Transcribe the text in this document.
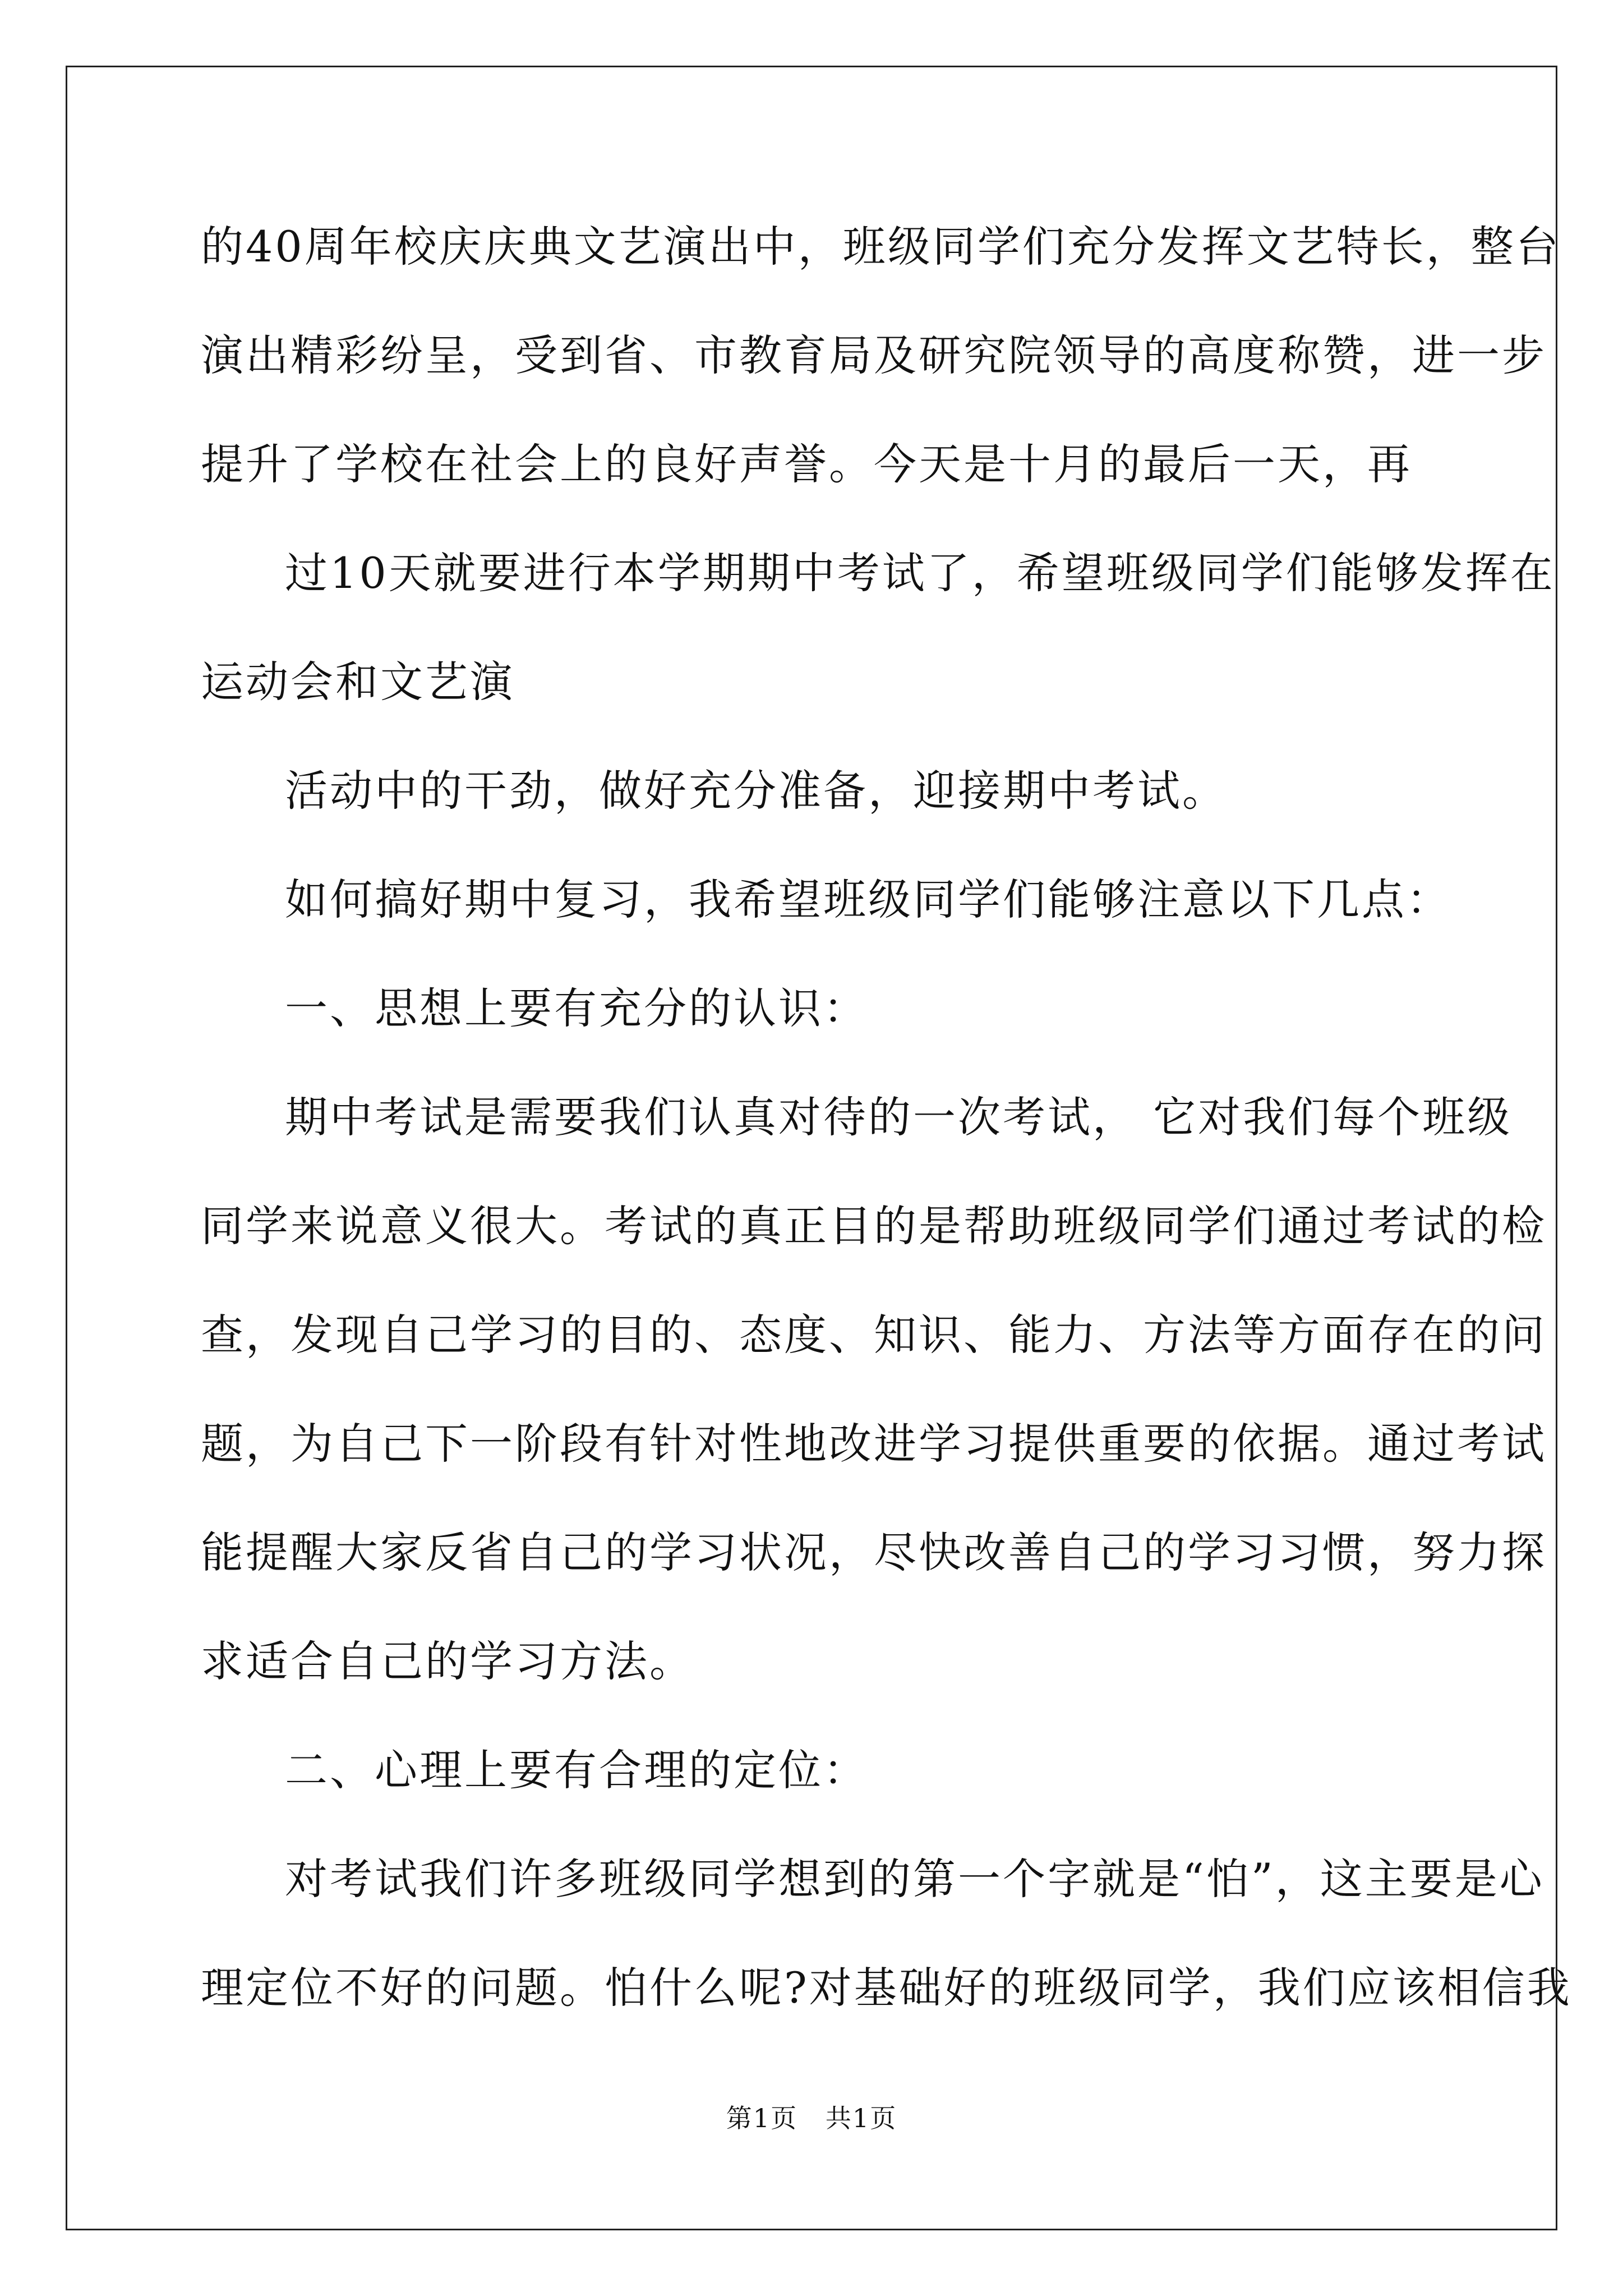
的40周年校庆庆典文艺演出中，班级同学们充分发挥文艺特长，整台
演出精彩纷呈，受到省、市教育局及研究院领导的高度称赞，进一步
提升了学校在社会上的良好声誉。今天是十月的最后一天，再
过10天就要进行本学期期中考试了，希望班级同学们能够发挥在
运动会和文艺演
活动中的干劲，做好充分准备，迎接期中考试。
如何搞好期中复习，我希望班级同学们能够注意以下几点：
一、思想上要有充分的认识：
期中考试是需要我们认真对待的一次考试， 它对我们每个班级
同学来说意义很大。考试的真正目的是帮助班级同学们通过考试的检
查，发现自己学习的目的、态度、知识、能力、方法等方面存在的问
题，为自己下一阶段有针对性地改进学习提供重要的依据。通过考试
能提醒大家反省自己的学习状况，尽快改善自己的学习习惯，努力探
求适合自己的学习方法。
二、心理上要有合理的定位：
对考试我们许多班级同学想到的第一个字就是“怕”，这主要是心
理定位不好的问题。怕什么呢?对基础好的班级同学，我们应该相信我
第1页   共1页
